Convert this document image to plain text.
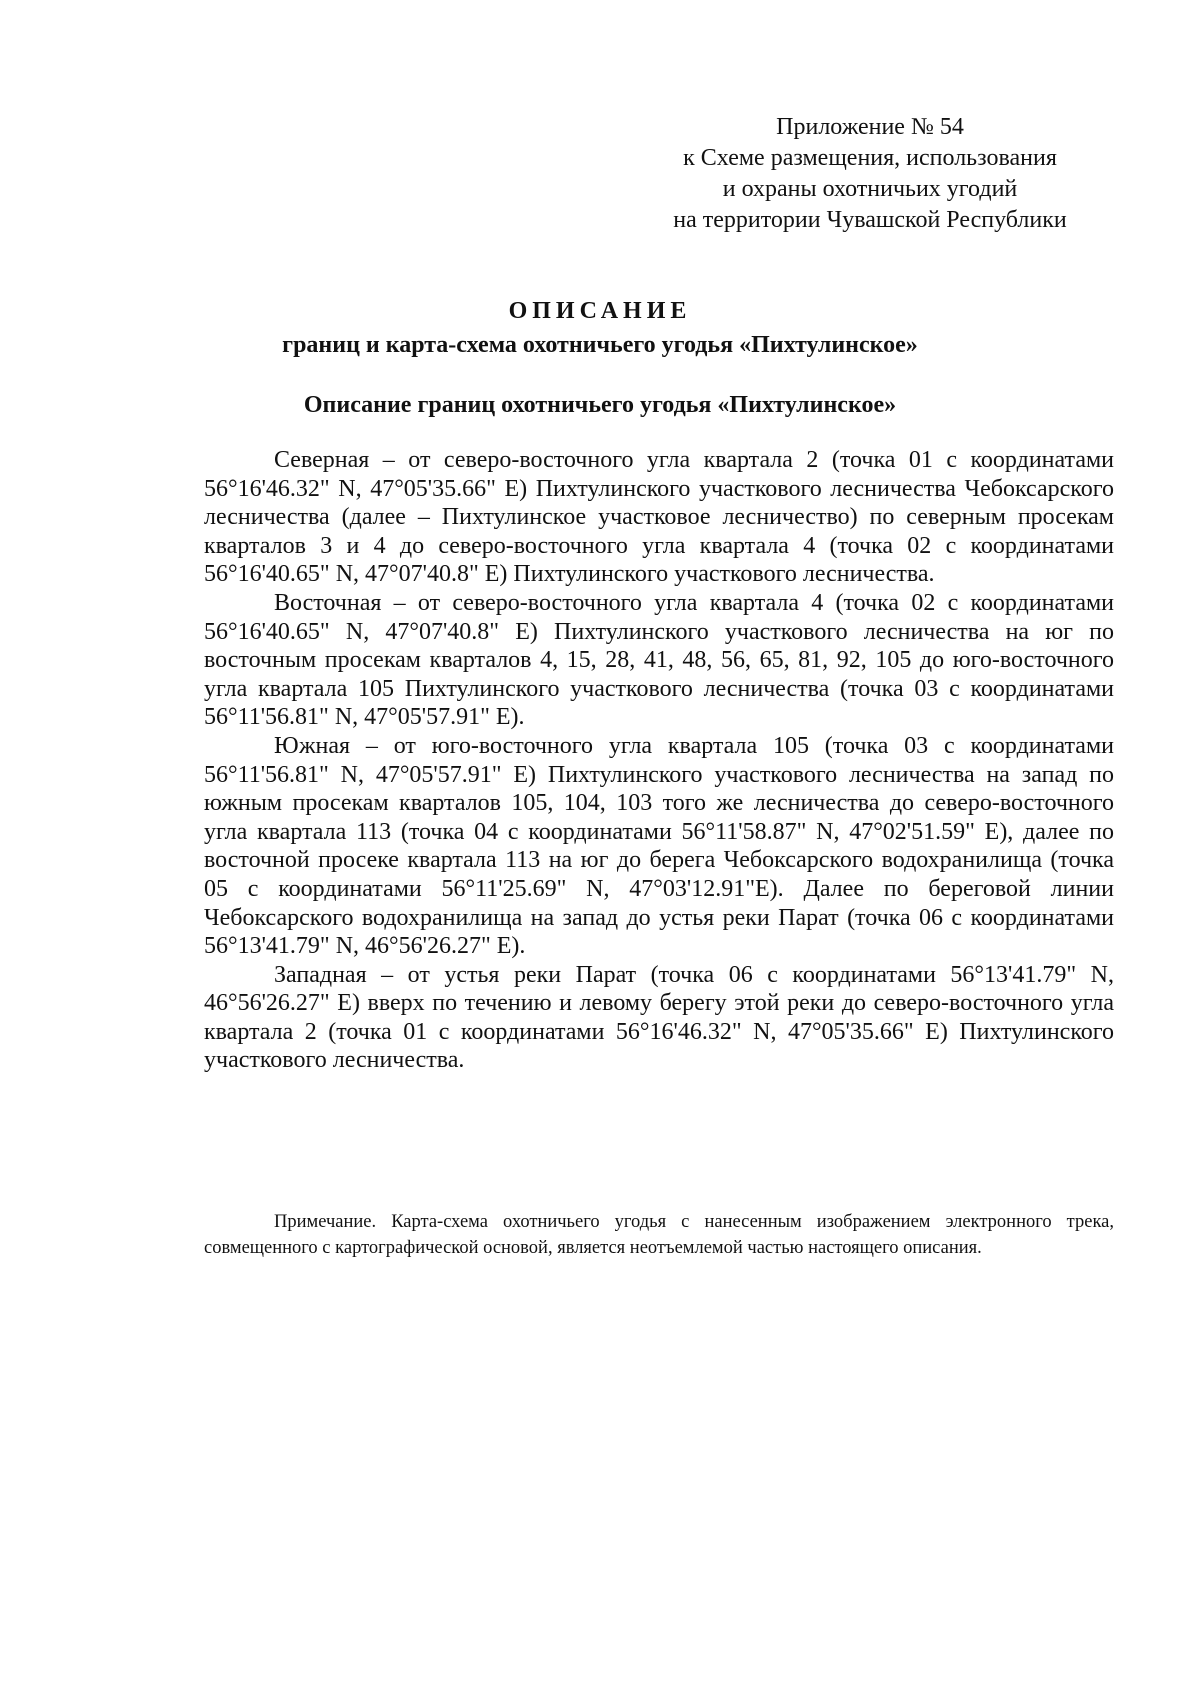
Приложение № 54
к Схеме размещения, использования
и охраны охотничьих угодий
на территории Чувашской Республики
ОПИСАНИЕ
границ и карта-схема охотничьего угодья «Пихтулинское»
Описание границ охотничьего угодья «Пихтулинское»

Северная – от северо-восточного угла квартала 2 (точка 01 с координатами 56°16'46.32" N, 47°05'35.66" E) Пихтулинского участкового лесничества Чебоксарского лесничества (далее – Пихтулинское участковое лесничество) по северным просекам кварталов 3 и 4 до северо-восточного угла квартала 4 (точка 02 с координатами 56°16'40.65" N, 47°07'40.8" E) Пихтулинского участкового лесничества.

Восточная – от северо-восточного угла квартала 4 (точка 02 с координатами 56°16'40.65" N, 47°07'40.8" E) Пихтулинского участкового лесничества на юг по восточным просекам кварталов 4, 15, 28, 41, 48, 56, 65, 81, 92, 105 до юго-восточного угла квартала 105 Пихтулинского участкового лесничества (точка 03 с координатами 56°11'56.81" N, 47°05'57.91" E).

Южная – от юго-восточного угла квартала 105 (точка 03 с координатами 56°11'56.81" N, 47°05'57.91" E) Пихтулинского участкового лесничества на запад по южным просекам кварталов 105, 104, 103 того же лесничества до северо-восточного угла квартала 113 (точка 04 с координатами 56°11'58.87" N, 47°02'51.59" E), далее по восточной просеке квартала 113 на юг до берега Чебоксарского водохранилища (точка 05 с координатами 56°11'25.69" N, 47°03'12.91"E). Далее по береговой линии Чебоксарского водохранилища на запад до устья реки Парат (точка 06 с координатами 56°13'41.79" N, 46°56'26.27" E).

Западная – от устья реки Парат (точка 06 с координатами 56°13'41.79" N, 46°56'26.27" E) вверх по течению и левому берегу этой реки до северо-восточного угла квартала 2 (точка 01 с координатами 56°16'46.32" N, 47°05'35.66" E) Пихтулинского участкового лесничества.

Примечание. Карта-схема охотничьего угодья с нанесенным изображением электронного трека, совмещенного с картографической основой, является неотъемлемой частью настоящего описания.
